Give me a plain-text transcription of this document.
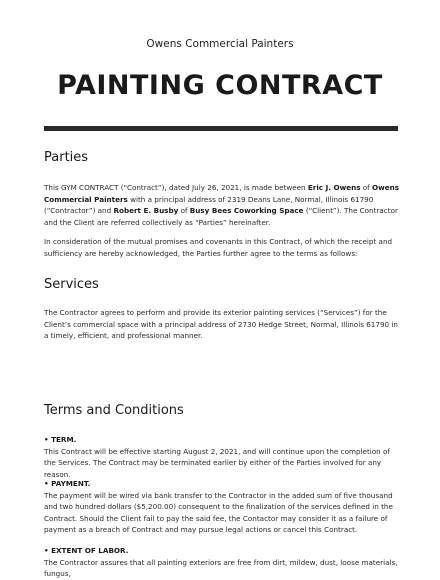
Owens Commercial Painters
PAINTING CONTRACT
Parties

This GYM CONTRACT (“Contract”), dated July 26, 2021, is made between Eric J. Owens of Owens Commercial Painters with a principal address of 2319 Deans Lane, Normal, Illinois 61790 (“Contractor”) and Robert E. Busby of Busy Bees Coworking Space (“Client”). The Contractor and the Client are referred collectively as “Parties” hereinafter.

In consideration of the mutual promises and covenants in this Contract, of which the receipt and sufficiency are hereby acknowledged, the Parties further agree to the terms as follows:

Services

The Contractor agrees to perform and provide its exterior painting services (“Services”) for the Client’s commercial space with a principal address of 2730 Hedge Street, Normal, Illinois 61790 in a timely, efficient, and professional manner.

Terms and Conditions

• TERM.
This Contract will be effective starting August 2, 2021, and will continue upon the completion of the Services. The Contract may be terminated earlier by either of the Parties involved for any reason.

• PAYMENT.
The payment will be wired via bank transfer to the Contractor in the added sum of five thousand and two hundred dollars ($5,200.00) consequent to the finalization of the services defined in the Contract. Should the Client fail to pay the said fee, the Contactor may consider it as a failure of payment as a breach of Contract and may pursue legal actions or cancel this Contract.

• EXTENT OF LABOR.
The Contractor assures that all painting exteriors are free from dirt, mildew, dust, loose materials, fungus,
